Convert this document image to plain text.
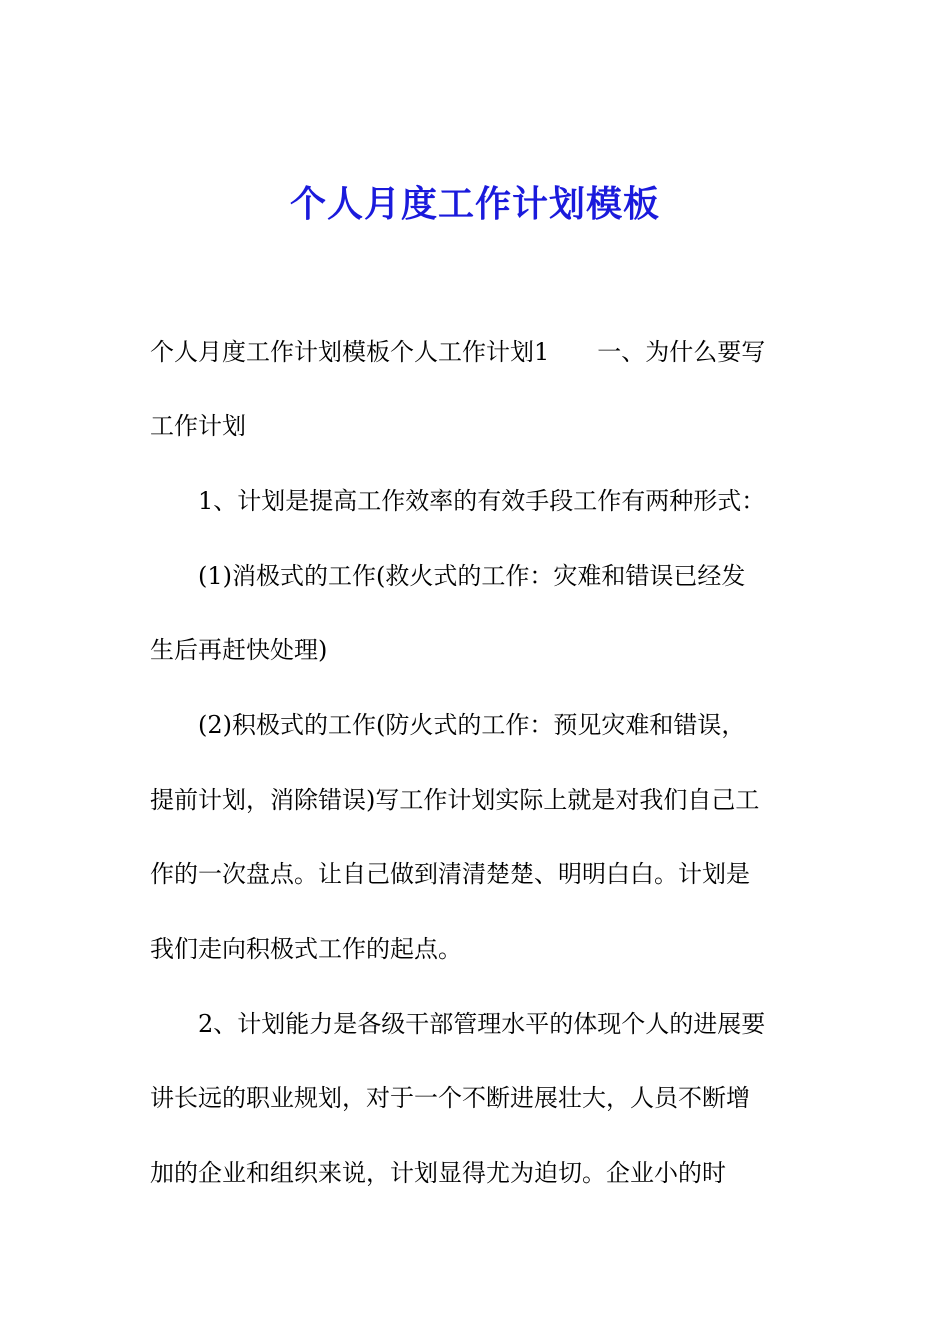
个人月度工作计划模板

个人月度工作计划模板个人工作计划1　　一、为什么要写

工作计划

　　1、计划是提高工作效率的有效手段工作有两种形式：

　　(1)消极式的工作(救火式的工作：灾难和错误已经发

生后再赶快处理)

　　(2)积极式的工作(防火式的工作：预见灾难和错误，

提前计划，消除错误)写工作计划实际上就是对我们自己工

作的一次盘点。让自己做到清清楚楚、明明白白。计划是

我们走向积极式工作的起点。

　　2、计划能力是各级干部管理水平的体现个人的进展要

讲长远的职业规划，对于一个不断进展壮大，人员不断增

加的企业和组织来说，计划显得尤为迫切。企业小的时
